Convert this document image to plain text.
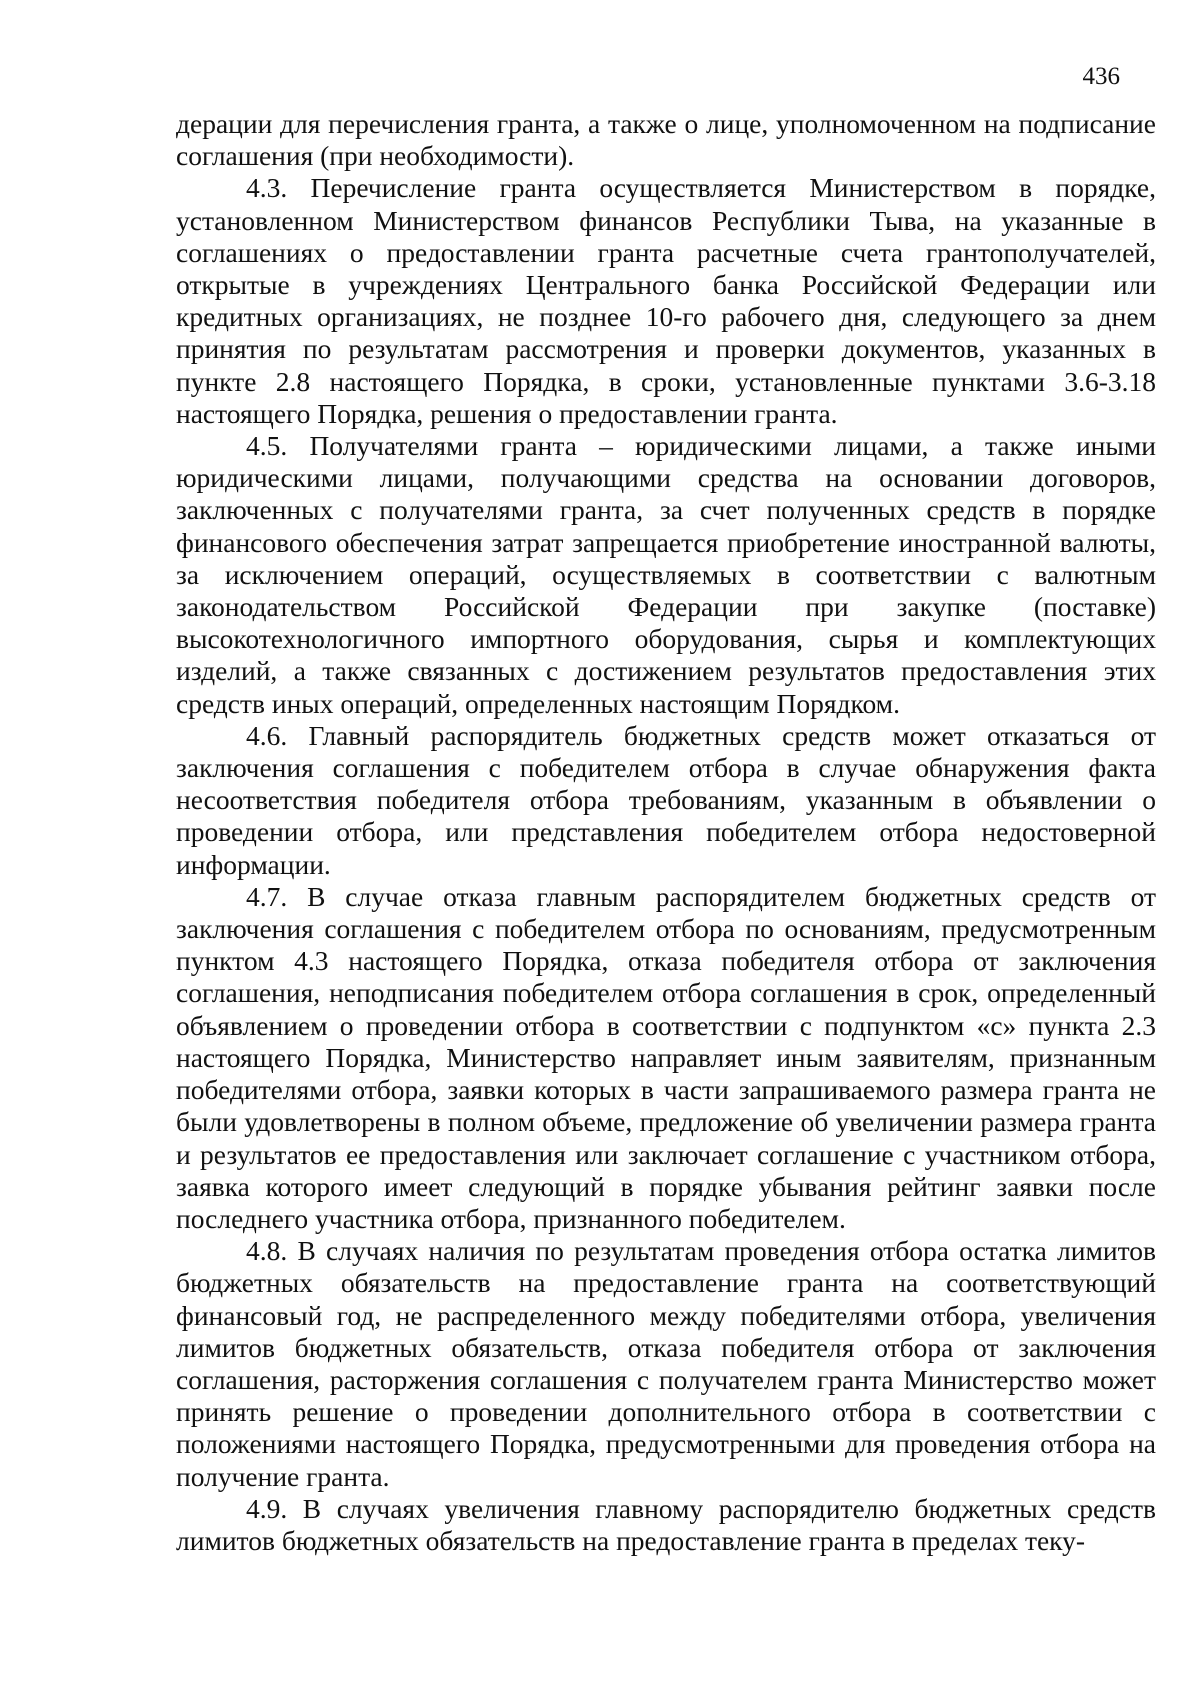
436

дерации для перечисления гранта, а также о лице, уполномоченном на подписание соглашения (при необходимости).

4.3. Перечисление гранта осуществляется Министерством в порядке, установленном Министерством финансов Республики Тыва, на указанные в соглашениях о предоставлении гранта расчетные счета грантополучателей, открытые в учреждениях Центрального банка Российской Федерации или кредитных организациях, не позднее 10-го рабочего дня, следующего за днем принятия по результатам рассмотрения и проверки документов, указанных в пункте 2.8 настоящего Порядка, в сроки, установленные пунктами 3.6-3.18 настоящего Порядка, решения о предоставлении гранта.

4.5. Получателями гранта – юридическими лицами, а также иными юридическими лицами, получающими средства на основании договоров, заключенных с получателями гранта, за счет полученных средств в порядке финансового обеспечения затрат запрещается приобретение иностранной валюты, за исключением операций, осуществляемых в соответствии с валютным законодательством Российской Федерации при закупке (поставке) высокотехнологичного импортного оборудования, сырья и комплектующих изделий, а также связанных с достижением результатов предоставления этих средств иных операций, определенных настоящим Порядком.

4.6. Главный распорядитель бюджетных средств может отказаться от заключения соглашения с победителем отбора в случае обнаружения факта несоответствия победителя отбора требованиям, указанным в объявлении о проведении отбора, или представления победителем отбора недостоверной информации.

4.7. В случае отказа главным распорядителем бюджетных средств от заключения соглашения с победителем отбора по основаниям, предусмотренным пунктом 4.3 настоящего Порядка, отказа победителя отбора от заключения соглашения, неподписания победителем отбора соглашения в срок, определенный объявлением о проведении отбора в соответствии с подпунктом «с» пункта 2.3 настоящего Порядка, Министерство направляет иным заявителям, признанным победителями отбора, заявки которых в части запрашиваемого размера гранта не были удовлетворены в полном объеме, предложение об увеличении размера гранта и результатов ее предоставления или заключает соглашение с участником отбора, заявка которого имеет следующий в порядке убывания рейтинг заявки после последнего участника отбора, признанного победителем.

4.8. В случаях наличия по результатам проведения отбора остатка лимитов бюджетных обязательств на предоставление гранта на соответствующий финансовый год, не распределенного между победителями отбора, увеличения лимитов бюджетных обязательств, отказа победителя отбора от заключения соглашения, расторжения соглашения с получателем гранта Министерство может принять решение о проведении дополнительного отбора в соответствии с положениями настоящего Порядка, предусмотренными для проведения отбора на получение гранта.

4.9. В случаях увеличения главному распорядителю бюджетных средств лимитов бюджетных обязательств на предоставление гранта в пределах теку-
